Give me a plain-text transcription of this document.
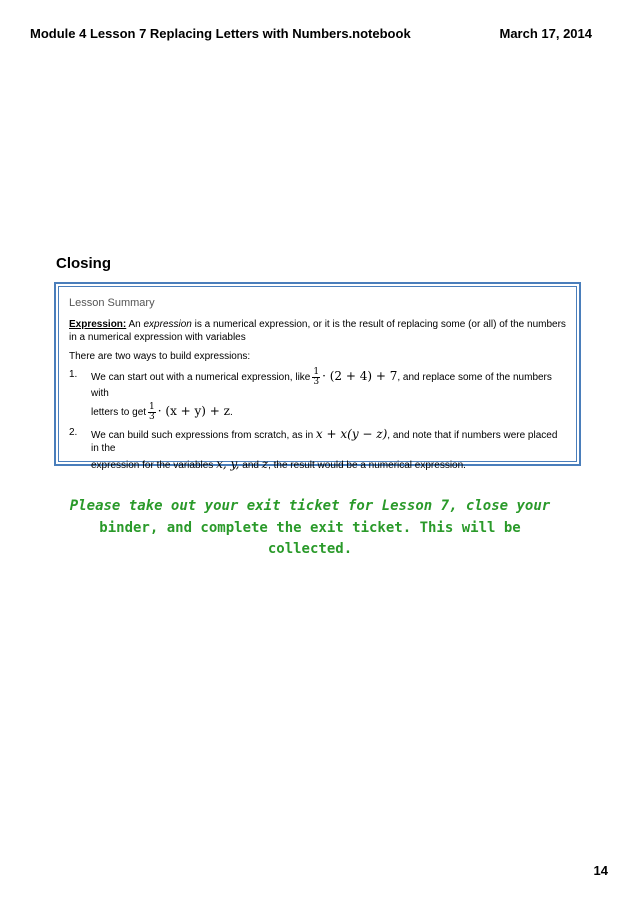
Module 4 Lesson 7 Replacing Letters with Numbers.notebook	March 17, 2014
Closing
Lesson Summary

Expression: An expression is a numerical expression, or it is the result of replacing some (or all) of the numbers in a numerical expression with variables

There are two ways to build expressions:

1. We can start out with a numerical expression, like $\frac{1}{3} \cdot (2 + 4) + 7$, and replace some of the numbers with
letters to get $\frac{1}{3} \cdot (x + y) + z$.
2. We can build such expressions from scratch, as in x + x(y − z), and note that if numbers were placed in the
expression for the variables x, y, and z, the result would be a numerical expression.
Please take out your exit ticket for Lesson 7, close your
binder, and complete the exit ticket. This will be collected.
14
